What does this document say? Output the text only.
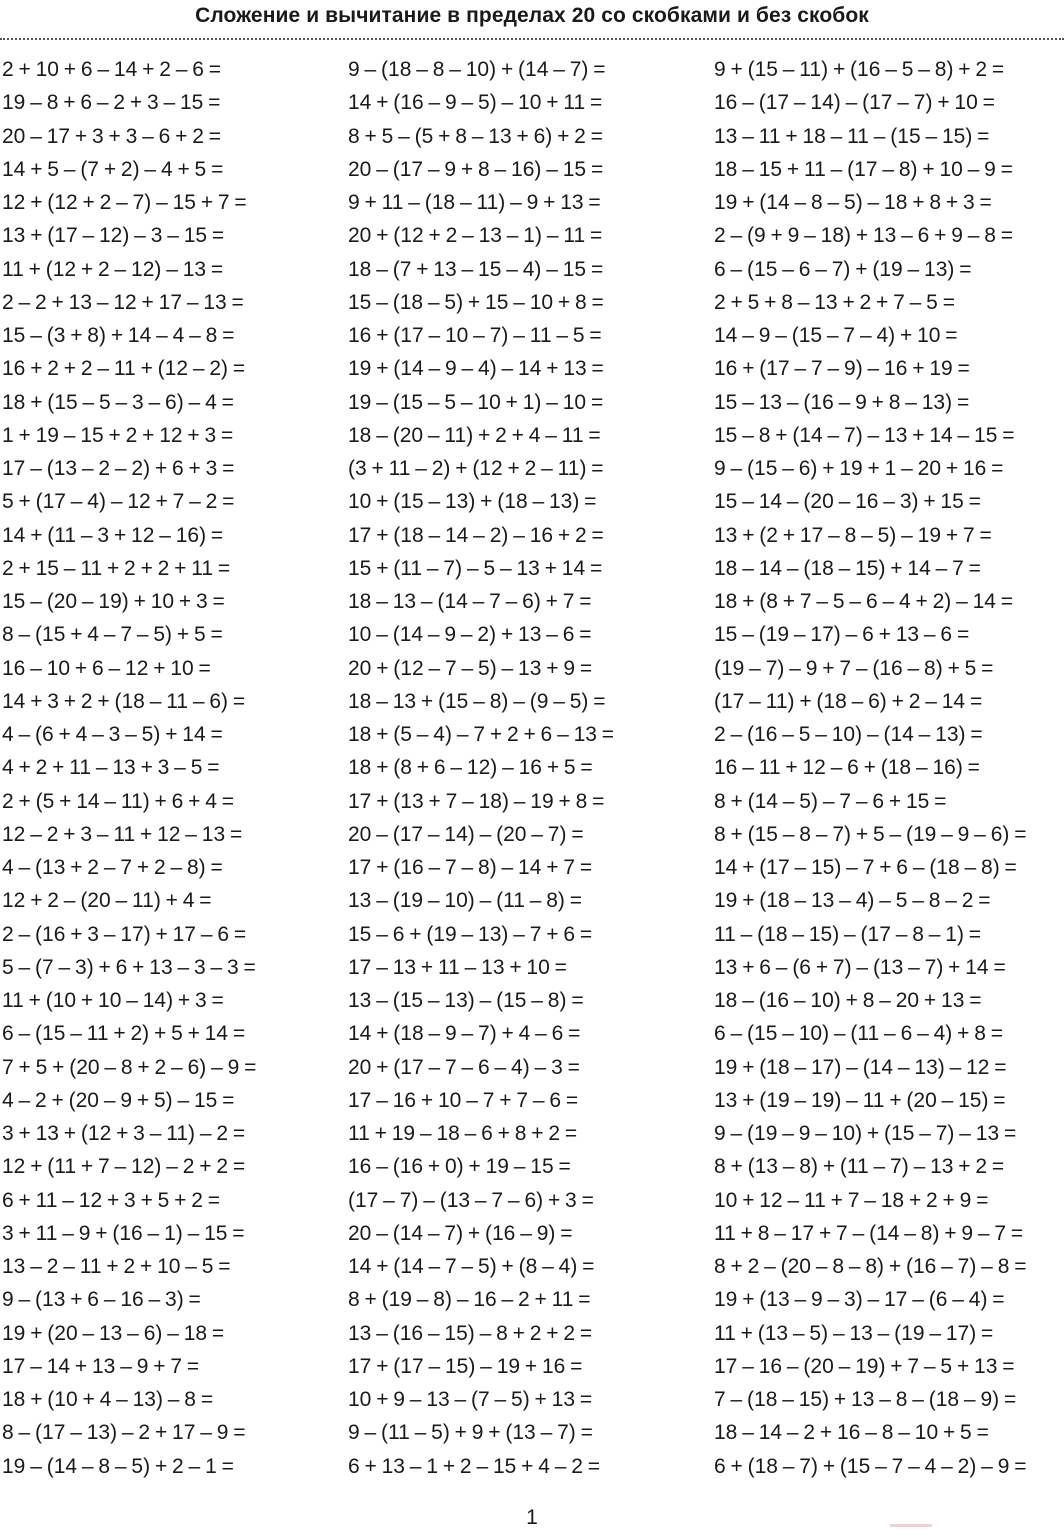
Сложение и вычитание в пределах 20 со скобками и без скобок
2 + 10 + 6 – 14 + 2 – 6 =
19 – 8 + 6 – 2 + 3 – 15 =
20 – 17 + 3 + 3 – 6 + 2 =
14 + 5 – (7 + 2) – 4 + 5 =
12 + (12 + 2 – 7) – 15 + 7 =
13 + (17 – 12) – 3 – 15 =
11 + (12 + 2 – 12) – 13 =
2 – 2 + 13 – 12 + 17 – 13 =
15 – (3 + 8) + 14 – 4 – 8 =
16 + 2 + 2 – 11 + (12 – 2) =
18 + (15 – 5 – 3 – 6) – 4 =
1 + 19 – 15 + 2 + 12 + 3 =
17 – (13 – 2 – 2) + 6 + 3 =
5 + (17 – 4) – 12 + 7 – 2 =
14 + (11 – 3 + 12 – 16) =
2 + 15 – 11 + 2 + 2 + 11 =
15 – (20 – 19) + 10 + 3 =
8 – (15 + 4 – 7 – 5) + 5 =
16 – 10 + 6 – 12 + 10 =
14 + 3 + 2 + (18 – 11 – 6) =
4 – (6 + 4 – 3 – 5) + 14 =
4 + 2 + 11 – 13 + 3 – 5 =
2 + (5 + 14 – 11) + 6 + 4 =
12 – 2 + 3 – 11 + 12 – 13 =
4 – (13 + 2 – 7 + 2 – 8) =
12 + 2 – (20 – 11) + 4 =
2 – (16 + 3 – 17) + 17 – 6 =
5 – (7 – 3) + 6 + 13 – 3 – 3 =
11 + (10 + 10 – 14) + 3 =
6 – (15 – 11 + 2) + 5 + 14 =
7 + 5 + (20 – 8 + 2 – 6) – 9 =
4 – 2 + (20 – 9 + 5) – 15 =
3 + 13 + (12 + 3 – 11) – 2 =
12 + (11 + 7 – 12) – 2 + 2 =
6 + 11 – 12 + 3 + 5 + 2 =
3 + 11 – 9 + (16 – 1) – 15 =
13 – 2 – 11 + 2 + 10 – 5 =
9 – (13 + 6 – 16 – 3) =
19 + (20 – 13 – 6) – 18 =
17 – 14 + 13 – 9 + 7 =
18 + (10 + 4 – 13) – 8 =
8 – (17 – 13) – 2 + 17 – 9 =
19 – (14 – 8 – 5) + 2 – 1 =
9 – (18 – 8 – 10) + (14 – 7) =
14 + (16 – 9 – 5) – 10 + 11 =
8 + 5 – (5 + 8 – 13 + 6) + 2 =
20 – (17 – 9 + 8 – 16) – 15 =
9 + 11 – (18 – 11) – 9 + 13 =
20 + (12 + 2 – 13 – 1) – 11 =
18 – (7 + 13 – 15 – 4) – 15 =
15 – (18 – 5) + 15 – 10 + 8 =
16 + (17 – 10 – 7) – 11 – 5 =
19 + (14 – 9 – 4) – 14 + 13 =
19 – (15 – 5 – 10 + 1) – 10 =
18 – (20 – 11) + 2 + 4 – 11 =
(3 + 11 – 2) + (12 + 2 – 11) =
10 + (15 – 13) + (18 – 13) =
17 + (18 – 14 – 2) – 16 + 2 =
15 + (11 – 7) – 5 – 13 + 14 =
18 – 13 – (14 – 7 – 6) + 7 =
10 – (14 – 9 – 2) + 13 – 6 =
20 + (12 – 7 – 5) – 13 + 9 =
18 – 13 + (15 – 8) – (9 – 5) =
18 + (5 – 4) – 7 + 2 + 6 – 13 =
18 + (8 + 6 – 12) – 16 + 5 =
17 + (13 + 7 – 18) – 19 + 8 =
20 – (17 – 14) – (20 – 7) =
17 + (16 – 7 – 8) – 14 + 7 =
13 – (19 – 10) – (11 – 8) =
15 – 6 + (19 – 13) – 7 + 6 =
17 – 13 + 11 – 13 + 10 =
13 – (15 – 13) – (15 – 8) =
14 + (18 – 9 – 7) + 4 – 6 =
20 + (17 – 7 – 6 – 4) – 3 =
17 – 16 + 10 – 7 + 7 – 6 =
11 + 19 – 18 – 6 + 8 + 2 =
16 – (16 + 0) + 19 – 15 =
(17 – 7) – (13 – 7 – 6) + 3 =
20 – (14 – 7) + (16 – 9) =
14 + (14 – 7 – 5) + (8 – 4) =
8 + (19 – 8) – 16 – 2 + 11 =
13 – (16 – 15) – 8 + 2 + 2 =
17 + (17 – 15) – 19 + 16 =
10 + 9 – 13 – (7 – 5) + 13 =
9 – (11 – 5) + 9 + (13 – 7) =
6 + 13 – 1 + 2 – 15 + 4 – 2 =
9 + (15 – 11) + (16 – 5 – 8) + 2 =
16 – (17 – 14) – (17 – 7) + 10 =
13 – 11 + 18 – 11 – (15 – 15) =
18 – 15 + 11 – (17 – 8) + 10 – 9 =
19 + (14 – 8 – 5) – 18 + 8 + 3 =
2 – (9 + 9 – 18) + 13 – 6 + 9 – 8 =
6 – (15 – 6 – 7) + (19 – 13) =
2 + 5 + 8 – 13 + 2 + 7 – 5 =
14 – 9 – (15 – 7 – 4) + 10 =
16 + (17 – 7 – 9) – 16 + 19 =
15 – 13 – (16 – 9 + 8 – 13) =
15 – 8 + (14 – 7) – 13 + 14 – 15 =
9 – (15 – 6) + 19 + 1 – 20 + 16 =
15 – 14 – (20 – 16 – 3) + 15 =
13 + (2 + 17 – 8 – 5) – 19 + 7 =
18 – 14 – (18 – 15) + 14 – 7 =
18 + (8 + 7 – 5 – 6 – 4 + 2) – 14 =
15 – (19 – 17) – 6 + 13 – 6 =
(19 – 7) – 9 + 7 – (16 – 8) + 5 =
(17 – 11) + (18 – 6) + 2 – 14 =
2 – (16 – 5 – 10) – (14 – 13) =
16 – 11 + 12 – 6 + (18 – 16) =
8 + (14 – 5) – 7 – 6 + 15 =
8 + (15 – 8 – 7) + 5 – (19 – 9 – 6) =
14 + (17 – 15) – 7 + 6 – (18 – 8) =
19 + (18 – 13 – 4) – 5 – 8 – 2 =
11 – (18 – 15) – (17 – 8 – 1) =
13 + 6 – (6 + 7) – (13 – 7) + 14 =
18 – (16 – 10) + 8 – 20 + 13 =
6 – (15 – 10) – (11 – 6 – 4) + 8 =
19 + (18 – 17) – (14 – 13) – 12 =
13 + (19 – 19) – 11 + (20 – 15) =
9 – (19 – 9 – 10) + (15 – 7) – 13 =
8 + (13 – 8) + (11 – 7) – 13 + 2 =
10 + 12 – 11 + 7 – 18 + 2 + 9 =
11 + 8 – 17 + 7 – (14 – 8) + 9 – 7 =
8 + 2 – (20 – 8 – 8) + (16 – 7) – 8 =
19 + (13 – 9 – 3) – 17 – (6 – 4) =
11 + (13 – 5) – 13 – (19 – 17) =
17 – 16 – (20 – 19) + 7 – 5 + 13 =
7 – (18 – 15) + 13 – 8 – (18 – 9) =
18 – 14 – 2 + 16 – 8 – 10 + 5 =
6 + (18 – 7) + (15 – 7 – 4 – 2) – 9 =
1
